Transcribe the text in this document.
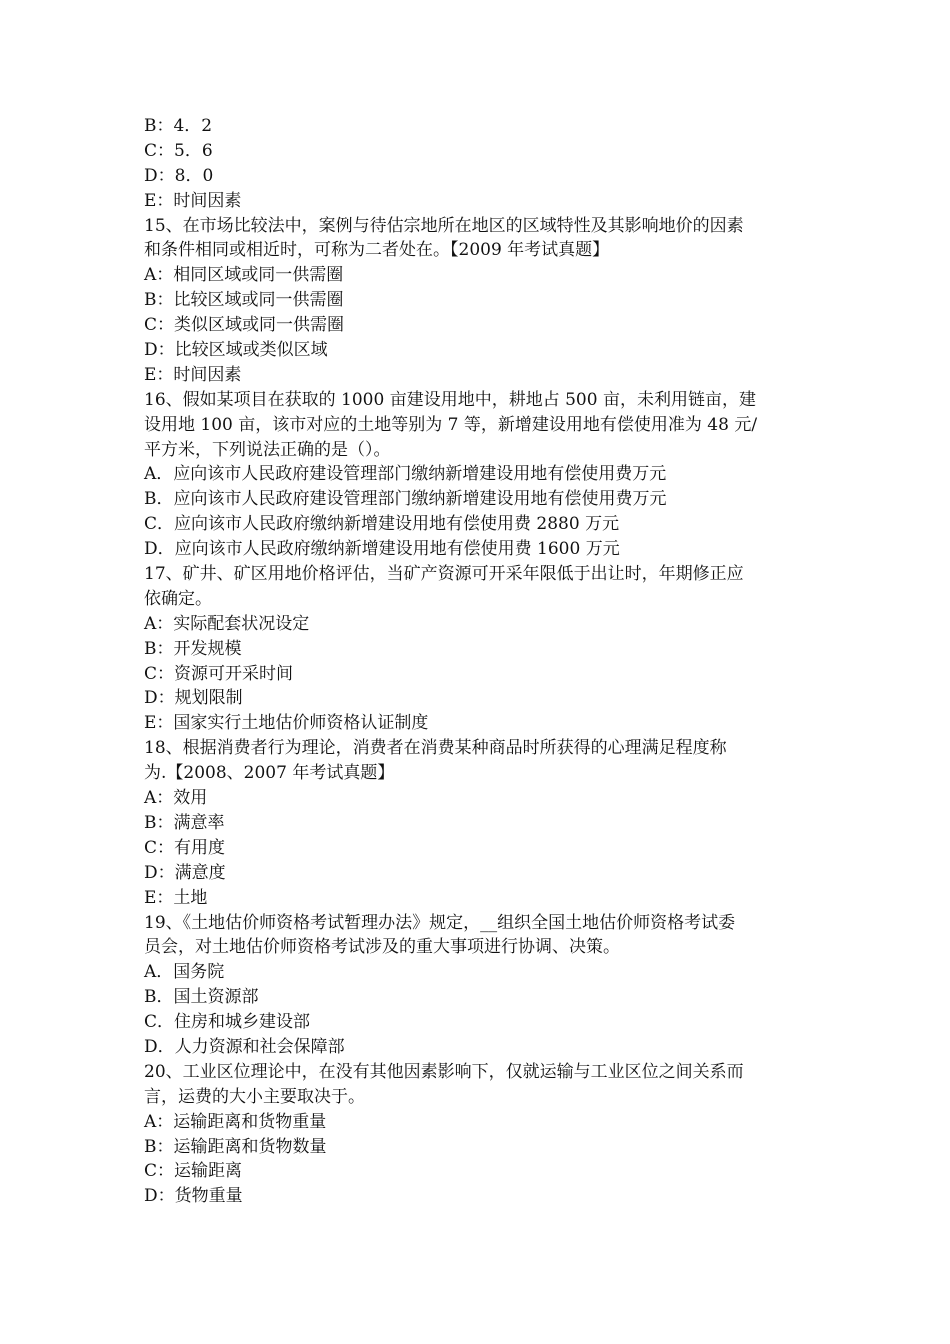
B：4．2
C：5．6
D：8．0
E：时间因素
15、在市场比较法中，案例与待估宗地所在地区的区域特性及其影响地价的因素
和条件相同或相近时，可称为二者处在。【2009 年考试真题】
A：相同区域或同一供需圈
B：比较区域或同一供需圈
C：类似区域或同一供需圈
D：比较区域或类似区域
E：时间因素
16、假如某项目在获取的 1000 亩建设用地中，耕地占 500 亩，未利用链亩，建
设用地 100 亩，该市对应的土地等别为 7 等，新增建设用地有偿使用准为 48 元/
平方米，下列说法正确的是（）。
A．应向该市人民政府建设管理部门缴纳新增建设用地有偿使用费万元
B．应向该市人民政府建设管理部门缴纳新增建设用地有偿使用费万元
C．应向该市人民政府缴纳新增建设用地有偿使用费 2880 万元
D．应向该市人民政府缴纳新增建设用地有偿使用费 1600 万元
17、矿井、矿区用地价格评估，当矿产资源可开采年限低于出让时，年期修正应
依确定。
A：实际配套状况设定
B：开发规模
C：资源可开采时间
D：规划限制
E：国家实行土地估价师资格认证制度
18、根据消费者行为理论，消费者在消费某种商品时所获得的心理满足程度称
为.【2008、2007 年考试真题】
A：效用
B：满意率
C：有用度
D：满意度
E：土地
19、《土地估价师资格考试暂理办法》规定，__组织全国土地估价师资格考试委
员会，对土地估价师资格考试涉及的重大事项进行协调、决策。
A．国务院
B．国土资源部
C．住房和城乡建设部
D．人力资源和社会保障部
20、工业区位理论中，在没有其他因素影响下，仅就运输与工业区位之间关系而
言，运费的大小主要取决于。
A：运输距离和货物重量
B：运输距离和货物数量
C：运输距离
D：货物重量
